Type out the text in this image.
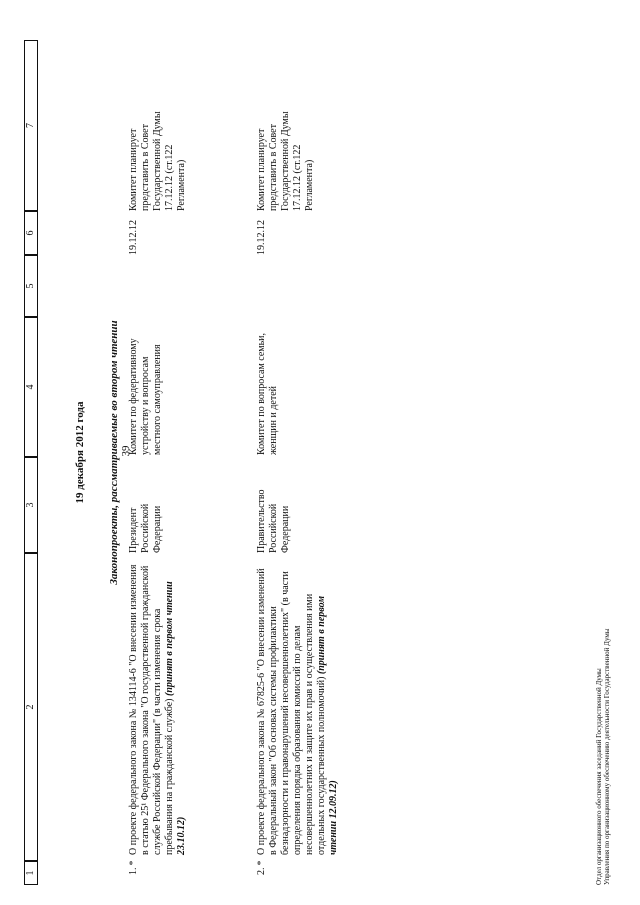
39
1
2
3
4
5
6
7
19 декабря 2012 года Законопроекты, рассматриваемые во втором чтении
1.*
О проекте федерального закона № 134114-6 "О внесении изменения в статью 25¹ Федерального закона "О государственной гражданской службе Российской Федерации" (в части изменения срока пребывания на гражданской службе) (принят в первом чтении 23.10.12)
Президент Российской Федерации
Комитет по федеративному устройству и вопросам местного самоуправления
19.12.12
Комитет планирует представить в Совет Государственной Думы 17.12.12 (ст.122 Регламента)
2.*
О проекте федерального закона № 67825-6 "О внесении изменений в Федеральный закон "Об основах системы профилактики безнадзорности и правонарушений несовершеннолетних" (в части определения порядка образования комиссий по делам несовершеннолетних и защите их прав и осуществления ими отдельных государственных полномочий) (принят в первом чтении 12.09.12)
Правительство Российской Федерации
Комитет по вопросам семьи, женщин и детей
19.12.12
Комитет планирует представить в Совет Государственной Думы 17.12.12 (ст.122 Регламента)
Отдел организационного обеспечения заседаний Государственной Думы Управления по организационному обеспечению деятельности Государственной Думы
